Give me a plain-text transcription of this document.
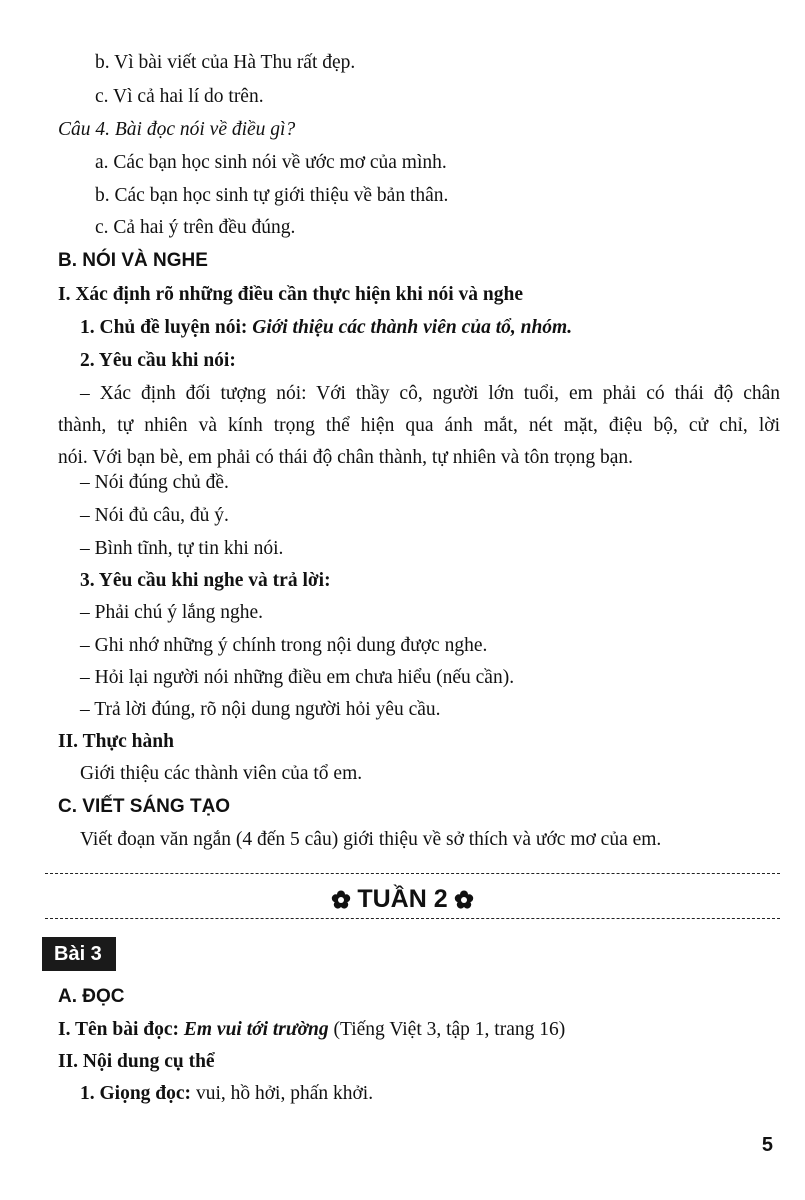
b. Vì bài viết của Hà Thu rất đẹp.
c. Vì cả hai lí do trên.
Câu 4. Bài đọc nói về điều gì?
a. Các bạn học sinh nói về ước mơ của mình.
b. Các bạn học sinh tự giới thiệu về bản thân.
c. Cả hai ý trên đều đúng.
B. NÓI VÀ NGHE
I. Xác định rõ những điều cần thực hiện khi nói và nghe
1. Chủ đề luyện nói: Giới thiệu các thành viên của tổ, nhóm.
2. Yêu cầu khi nói:
– Xác định đối tượng nói: Với thầy cô, người lớn tuổi, em phải có thái độ chân
thành, tự nhiên và kính trọng thể hiện qua ánh mắt, nét mặt, điệu bộ, cử chỉ, lời
nói. Với bạn bè, em phải có thái độ chân thành, tự nhiên và tôn trọng bạn.
– Nói đúng chủ đề.
– Nói đủ câu, đủ ý.
– Bình tĩnh, tự tin khi nói.
3. Yêu cầu khi nghe và trả lời:
– Phải chú ý lắng nghe.
– Ghi nhớ những ý chính trong nội dung được nghe.
– Hỏi lại người nói những điều em chưa hiểu (nếu cần).
– Trả lời đúng, rõ nội dung người hỏi yêu cầu.
II. Thực hành
Giới thiệu các thành viên của tổ em.
C. VIẾT SÁNG TẠO
Viết đoạn văn ngắn (4 đến 5 câu) giới thiệu về sở thích và ước mơ của em.
TUẦN 2
Bài 3
A. ĐỌC
I. Tên bài đọc: Em vui tới trường (Tiếng Việt 3, tập 1, trang 16)
II. Nội dung cụ thể
1. Giọng đọc: vui, hồ hởi, phấn khởi.
5
